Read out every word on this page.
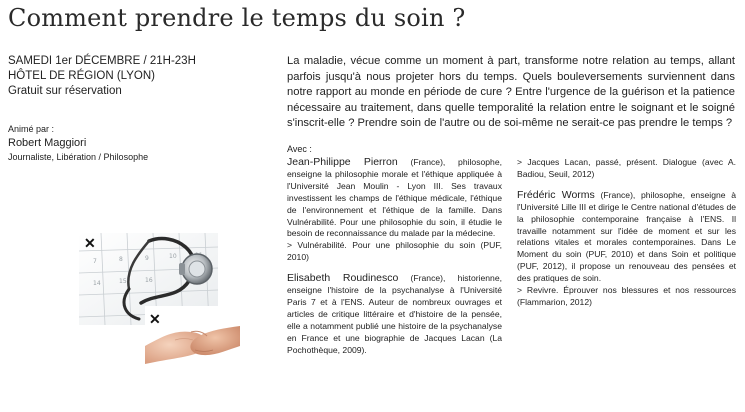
Comment prendre le temps du soin ?
SAMEDI 1er DÉCEMBRE / 21H-23H
HÔTEL DE RÉGION (LYON)
Gratuit sur réservation
Animé par :
Robert Maggiori
Journaliste, Libération / Philosophe
7	8	9	10
14	15	16
✕
✕
La maladie, vécue comme un moment à part, transforme notre relation au temps, allant parfois jusqu'à nous projeter hors du temps. Quels bouleversements surviennent dans notre rapport au monde en période de cure ? Entre l'urgence de la guérison et la patience nécessaire au traitement, dans quelle temporalité la relation entre le soignant et le soigné s'inscrit-elle ? Prendre soin de l'autre ou de soi-même ne serait-ce pas prendre le temps ?
Avec :

Jean-Philippe Pierron (France), philosophe, enseigne la philosophie morale et l'éthique appliquée à l'Université Jean Moulin - Lyon III. Ses travaux investissent les champs de l'éthique médicale, l'éthique de l'environnement et l'éthique de la famille. Dans Vulnérabilité. Pour une philosophie du soin, il étudie le besoin de reconnaissance du malade par la médecine.
> Vulnérabilité. Pour une philosophie du soin (PUF, 2010)

Elisabeth Roudinesco (France), historienne, enseigne l'histoire de la psychanalyse à l'Université Paris 7 et à l'ENS. Auteur de nombreux ouvrages et articles de critique littéraire et d'histoire de la pensée, elle a notamment publié une histoire de la psychanalyse en France et une biographie de Jacques Lacan (La Pochothèque, 2009).

> Jacques Lacan, passé, présent. Dialogue (avec A. Badiou, Seuil, 2012)

Frédéric Worms (France), philosophe, enseigne à l'Université Lille III et dirige le Centre national d'études de la philosophie contemporaine française à l'ENS. Il travaille notamment sur l'idée de moment et sur les relations vitales et morales contemporaines. Dans Le Moment du soin (PUF, 2010) et dans Soin et politique (PUF, 2012), il propose un renouveau des pensées et des pratiques de soin.
> Revivre. Éprouver nos blessures et nos ressources (Flammarion, 2012)
